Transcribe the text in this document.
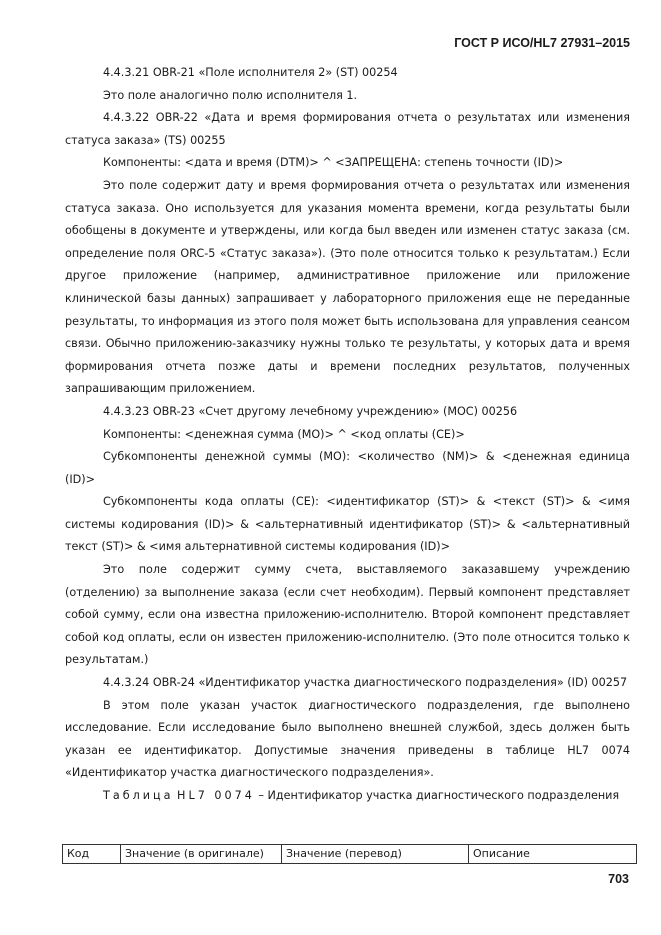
ГОСТ Р ИСО/HL7 27931–2015

4.4.3.21 OBR-21 «Поле исполнителя 2» (ST) 00254

Это поле аналогично полю исполнителя 1.

4.4.3.22 OBR-22 «Дата и время формирования отчета о результатах или изменения статуса заказа» (TS) 00255

Компоненты: <дата и время (DTM)> ^ <ЗАПРЕЩЕНА: степень точности (ID)>

Это поле содержит дату и время формирования отчета о результатах или изменения статуса заказа. Оно используется для указания момента времени, когда результаты были обобщены в документе и утверждены, или когда был введен или изменен статус заказа (см. определение поля ORC-5 «Статус заказа»). (Это поле относится только к результатам.) Если другое приложение (например, административное приложение или приложение клинической базы данных) запрашивает у лабораторного приложения еще не переданные результаты, то информация из этого поля может быть использована для управления сеансом связи. Обычно приложению-заказчику нужны только те результаты, у которых дата и время формирования отчета позже даты и времени последних результатов, полученных запрашивающим приложением.

4.4.3.23 OBR-23 «Счет другому лечебному учреждению» (MOC) 00256

Компоненты: <денежная сумма (MO)> ^ <код оплаты (CE)>

Субкомпоненты денежной суммы (MO): <количество (NM)> & <денежная единица (ID)>

Субкомпоненты кода оплаты (CE): <идентификатор (ST)> & <текст (ST)> & <имя системы кодирования (ID)> & <альтернативный идентификатор (ST)> & <альтернативный текст (ST)> & <имя альтернативной системы кодирования (ID)>

Это поле содержит сумму счета, выставляемого заказавшему учреждению (отделению) за выполнение заказа (если счет необходим). Первый компонент представляет собой сумму, если она известна приложению-исполнителю. Второй компонент представляет собой код оплаты, если он известен приложению-исполнителю. (Это поле относится только к результатам.)

4.4.3.24 OBR-24 «Идентификатор участка диагностического подразделения» (ID) 00257

В этом поле указан участок диагностического подразделения, где выполнено исследование. Если исследование было выполнено внешней службой, здесь должен быть указан ее идентификатор. Допустимые значения приведены в таблице HL7 0074 «Идентификатор участка диагностического подразделения».

Таблица HL7 0074 – Идентификатор участка диагностического подразделения

Код	Значение (в оригинале)	Значение (перевод)	Описание
703
